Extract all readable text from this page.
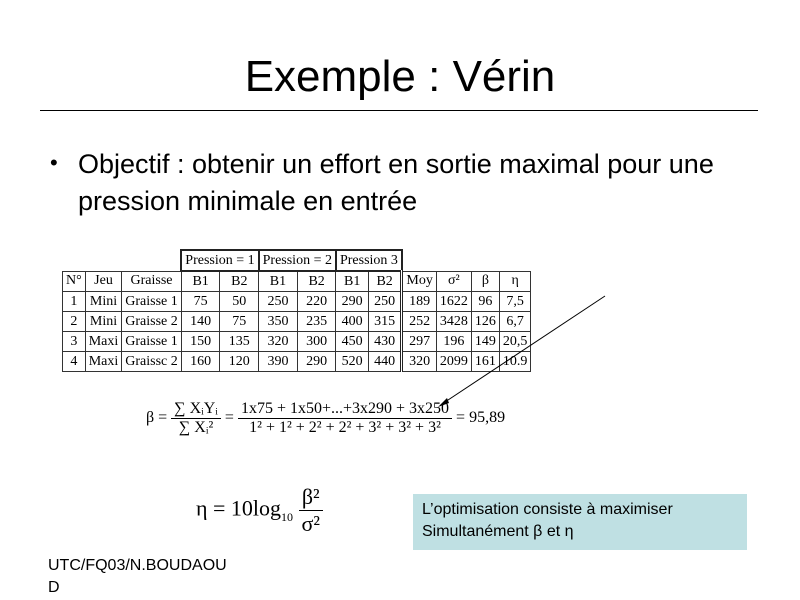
Exemple : Vérin
• Objectif : obtenir un effort en sortie maximal pour une pression minimale en entrée
			Pression = 1		Pression = 2		Pression 3					
N°	Jeu	Graisse	B1	B2	B1	B2	B1	B2	Moy	σ²	β	η
1	Mini	Graisse 1	75	50	250	220	290	250	189	1622	96	7,5
2	Mini	Graisse 2	140	75	350	235	400	315	252	3428	126	6,7
3	Maxi	Graisse 1	150	135	320	300	450	430	297	196	149	20,5
4	Maxi	Graissc 2	160	120	390	290	520	440	320	2099	161	10.9
$\beta = \frac{\text{∑ XᵢYᵢ}}{\text{∑ Xᵢ²}} = \frac{1x75 + 1x50+...+3x290 + 3x250}{\text{1² + 1² + 2² + 2² + 3² + 3² + 3²}} = 95,89$
$\eta = 10\log_{10} \frac{\text{β²}}{\text{σ²}}$	L’optimisation consiste à maximiser
Simultanément β et η
UTC/FQ03/N.BOUDAOUD
